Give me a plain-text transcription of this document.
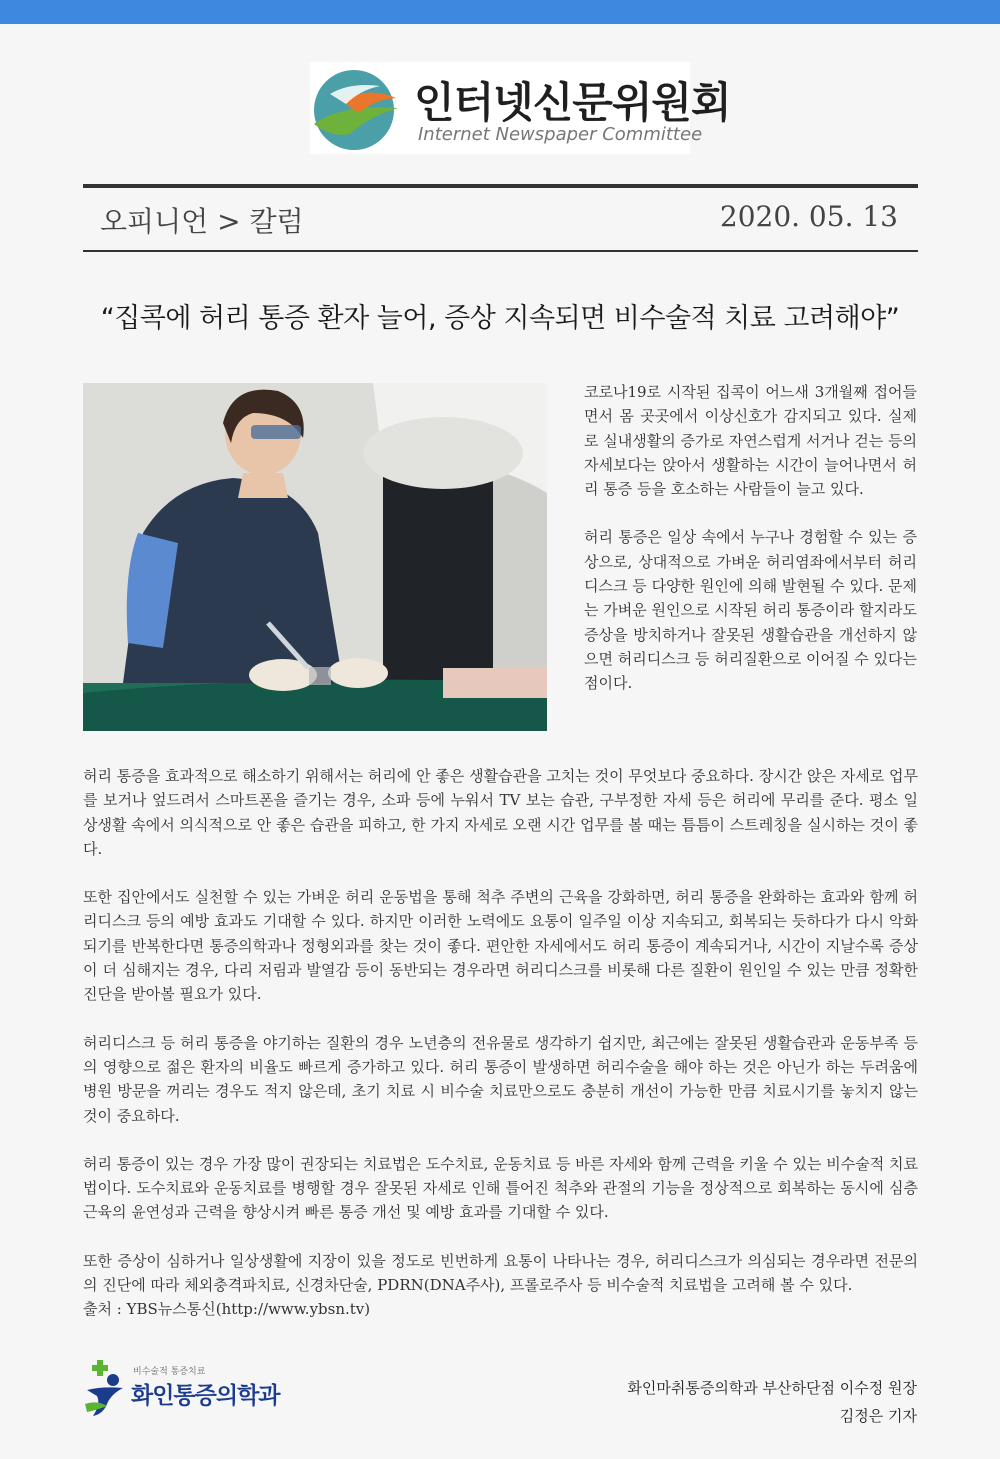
인터넷신문위원회
Internet Newspaper Committee
오피니언 > 칼럼	2020. 05. 13
“집콕에 허리 통증 환자 늘어, 증상 지속되면 비수술적 치료 고려해야”

코로나19로 시작된 집콕이 어느새 3개월째 접어들면서 몸 곳곳에서 이상신호가 감지되고 있다. 실제로 실내생활의 증가로 자연스럽게 서거나 걷는 등의 자세보다는 앉아서 생활하는 시간이 늘어나면서 허리 통증 등을 호소하는 사람들이 늘고 있다.

허리 통증은 일상 속에서 누구나 경험할 수 있는 증상으로, 상대적으로 가벼운 허리염좌에서부터 허리디스크 등 다양한 원인에 의해 발현될 수 있다. 문제는 가벼운 원인으로 시작된 허리 통증이라 할지라도 증상을 방치하거나 잘못된 생활습관을 개선하지 않으면 허리디스크 등 허리질환으로 이어질 수 있다는 점이다.

허리 통증을 효과적으로 해소하기 위해서는 허리에 안 좋은 생활습관을 고치는 것이 무엇보다 중요하다. 장시간 앉은 자세로 업무를 보거나 엎드려서 스마트폰을 즐기는 경우, 소파 등에 누워서 TV 보는 습관, 구부정한 자세 등은 허리에 무리를 준다. 평소 일상생활 속에서 의식적으로 안 좋은 습관을 피하고, 한 가지 자세로 오랜 시간 업무를 볼 때는 틈틈이 스트레칭을 실시하는 것이 좋다.

또한 집안에서도 실천할 수 있는 가벼운 허리 운동법을 통해 척추 주변의 근육을 강화하면, 허리 통증을 완화하는 효과와 함께 허리디스크 등의 예방 효과도 기대할 수 있다. 하지만 이러한 노력에도 요통이 일주일 이상 지속되고, 회복되는 듯하다가 다시 악화되기를 반복한다면 통증의학과나 정형외과를 찾는 것이 좋다. 편안한 자세에서도 허리 통증이 계속되거나, 시간이 지날수록 증상이 더 심해지는 경우, 다리 저림과 발열감 등이 동반되는 경우라면 허리디스크를 비롯해 다른 질환이 원인일 수 있는 만큼 정확한 진단을 받아볼 필요가 있다.

허리디스크 등 허리 통증을 야기하는 질환의 경우 노년층의 전유물로 생각하기 쉽지만, 최근에는 잘못된 생활습관과 운동부족 등의 영향으로 젊은 환자의 비율도 빠르게 증가하고 있다. 허리 통증이 발생하면 허리수술을 해야 하는 것은 아닌가 하는 두려움에 병원 방문을 꺼리는 경우도 적지 않은데, 초기 치료 시 비수술 치료만으로도 충분히 개선이 가능한 만큼 치료시기를 놓치지 않는 것이 중요하다.

허리 통증이 있는 경우 가장 많이 권장되는 치료법은 도수치료, 운동치료 등 바른 자세와 함께 근력을 키울 수 있는 비수술적 치료법이다. 도수치료와 운동치료를 병행할 경우 잘못된 자세로 인해 틀어진 척추와 관절의 기능을 정상적으로 회복하는 동시에 심층근육의 윤연성과 근력을 향상시켜 빠른 통증 개선 및 예방 효과를 기대할 수 있다.

또한 증상이 심하거나 일상생활에 지장이 있을 정도로 빈번하게 요통이 나타나는 경우, 허리디스크가 의심되는 경우라면 전문의의 진단에 따라 체외충격파치료, 신경차단술, PDRN(DNA주사), 프롤로주사 등 비수술적 치료법을 고려해 볼 수 있다.

출처 : YBS뉴스통신(http://www.ybsn.tv)
비수술적 통증치료
화인통증의학과	화인마취통증의학과 부산하단점 이수정 원장
김정은 기자
